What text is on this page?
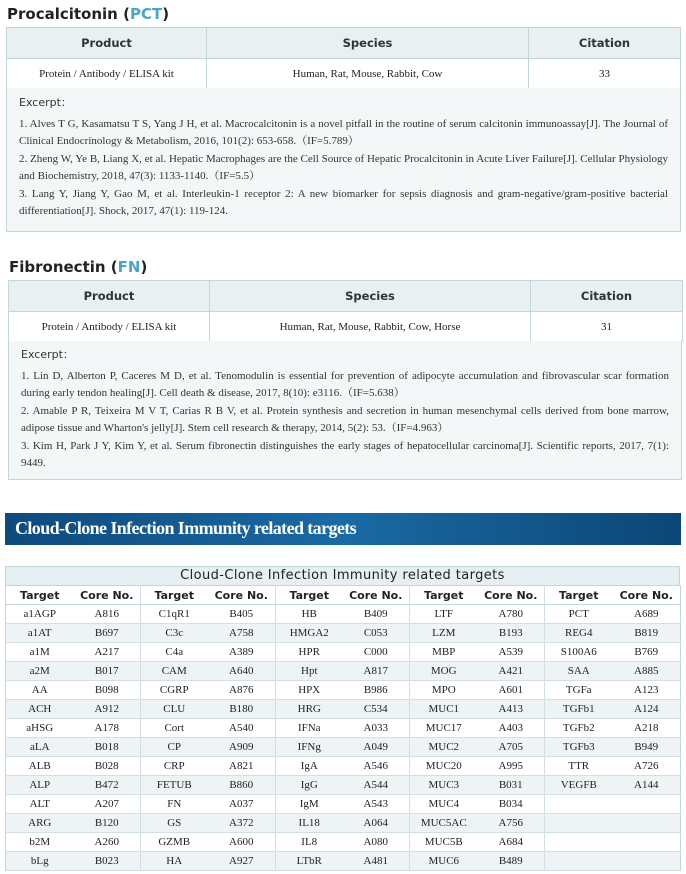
Procalcitonin (PCT)
Product	Species	Citation
Protein / Antibody / ELISA kit	Human, Rat, Mouse, Rabbit, Cow	33
Excerpt：
1. Alves T G, Kasamatsu T S, Yang J H, et al. Macrocalcitonin is a novel pitfall in the routine of serum calcitonin immunoassay[J]. The Journal of Clinical Endocrinology & Metabolism, 2016, 101(2): 653-658.（IF=5.789）
2. Zheng W, Ye B, Liang X, et al. Hepatic Macrophages are the Cell Source of Hepatic Procalcitonin in Acute Liver Failure[J]. Cellular Physiology and Biochemistry, 2018, 47(3): 1133-1140.（IF=5.5）
3. Lang Y, Jiang Y, Gao M, et al. Interleukin-1 receptor 2: A new biomarker for sepsis diagnosis and gram-negative/gram-positive bacterial differentiation[J]. Shock, 2017, 47(1): 119-124.
Fibronectin (FN)
Product	Species	Citation
Protein / Antibody / ELISA kit	Human, Rat, Mouse, Rabbit, Cow, Horse	31
Excerpt：
1. Lin D, Alberton P, Caceres M D, et al. Tenomodulin is essential for prevention of adipocyte accumulation and fibrovascular scar formation during early tendon healing[J]. Cell death & disease, 2017, 8(10): e3116.（IF=5.638）
2. Amable P R, Teixeira M V T, Carias R B V, et al. Protein synthesis and secretion in human mesenchymal cells derived from bone marrow, adipose tissue and Wharton's jelly[J]. Stem cell research & therapy, 2014, 5(2): 53.（IF=4.963）
3. Kim H, Park J Y, Kim Y, et al. Serum fibronectin distinguishes the early stages of hepatocellular carcinoma[J]. Scientific reports, 2017, 7(1): 9449.
Cloud-Clone Infection Immunity related targets
Cloud-Clone Infection Immunity related targets
Target	Core No.	Target	Core No.	Target	Core No.	Target	Core No.	Target	Core No.
a1AGP	A816	C1qR1	B405	HB	B409	LTF	A780	PCT	A689
a1AT	B697	C3c	A758	HMGA2	C053	LZM	B193	REG4	B819
a1M	A217	C4a	A389	HPR	C000	MBP	A539	S100A6	B769
a2M	B017	CAM	A640	Hpt	A817	MOG	A421	SAA	A885
AA	B098	CGRP	A876	HPX	B986	MPO	A601	TGFa	A123
ACH	A912	CLU	B180	HRG	C534	MUC1	A413	TGFb1	A124
aHSG	A178	Cort	A540	IFNa	A033	MUC17	A403	TGFb2	A218
aLA	B018	CP	A909	IFNg	A049	MUC2	A705	TGFb3	B949
ALB	B028	CRP	A821	IgA	A546	MUC20	A995	TTR	A726
ALP	B472	FETUB	B860	IgG	A544	MUC3	B031	VEGFB	A144
ALT	A207	FN	A037	IgM	A543	MUC4	B034		
ARG	B120	GS	A372	IL18	A064	MUC5AC	A756		
b2M	A260	GZMB	A600	IL8	A080	MUC5B	A684		
bLg	B023	HA	A927	LTbR	A481	MUC6	B489		
